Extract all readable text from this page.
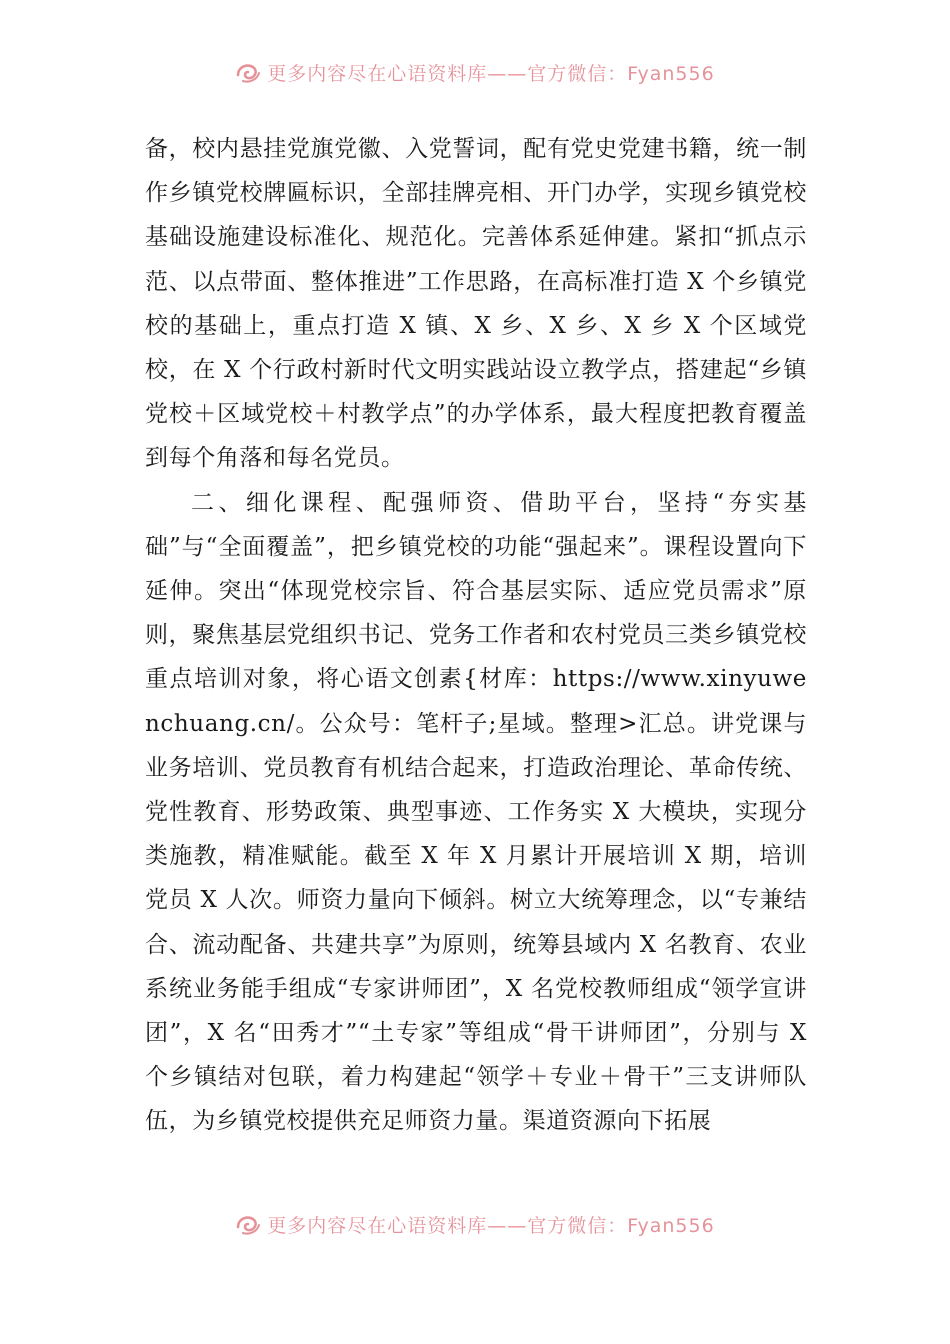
更多内容尽在心语资料库——官方微信：Fyan556

备，校内悬挂党旗党徽、入党誓词，配有党史党建书籍，统一制作乡镇党校牌匾标识，全部挂牌亮相、开门办学，实现乡镇党校基础设施建设标准化、规范化。完善体系延伸建。紧扣“抓点示范、以点带面、整体推进”工作思路，在高标准打造 X 个乡镇党校的基础上，重点打造 X 镇、X 乡、X 乡、X 乡 X 个区域党校，在 X 个行政村新时代文明实践站设立教学点，搭建起“乡镇党校＋区域党校＋村教学点”的办学体系，最大程度把教育覆盖到每个角落和每名党员。

二、细化课程、配强师资、借助平台，坚持“夯实基础”与“全面覆盖”，把乡镇党校的功能“强起来”。课程设置向下延伸。突出“体现党校宗旨、符合基层实际、适应党员需求”原则，聚焦基层党组织书记、党务工作者和农村党员三类乡镇党校重点培训对象，将心语文创素{材库：https://www.xinyuwenchuang.cn/。公众号：笔杆子;星域。整理>汇总。讲党课与业务培训、党员教育有机结合起来，打造政治理论、革命传统、党性教育、形势政策、典型事迹、工作务实 X 大模块，实现分类施教，精准赋能。截至 X 年 X 月累计开展培训 X 期，培训党员 X 人次。师资力量向下倾斜。树立大统筹理念，以“专兼结合、流动配备、共建共享”为原则，统筹县域内 X 名教育、农业系统业务能手组成“专家讲师团”，X 名党校教师组成“领学宣讲团”，X 名“田秀才”“土专家”等组成“骨干讲师团”，分别与 X 个乡镇结对包联，着力构建起“领学＋专业＋骨干”三支讲师队伍，为乡镇党校提供充足师资力量。渠道资源向下拓展

更多内容尽在心语资料库——官方微信：Fyan556
